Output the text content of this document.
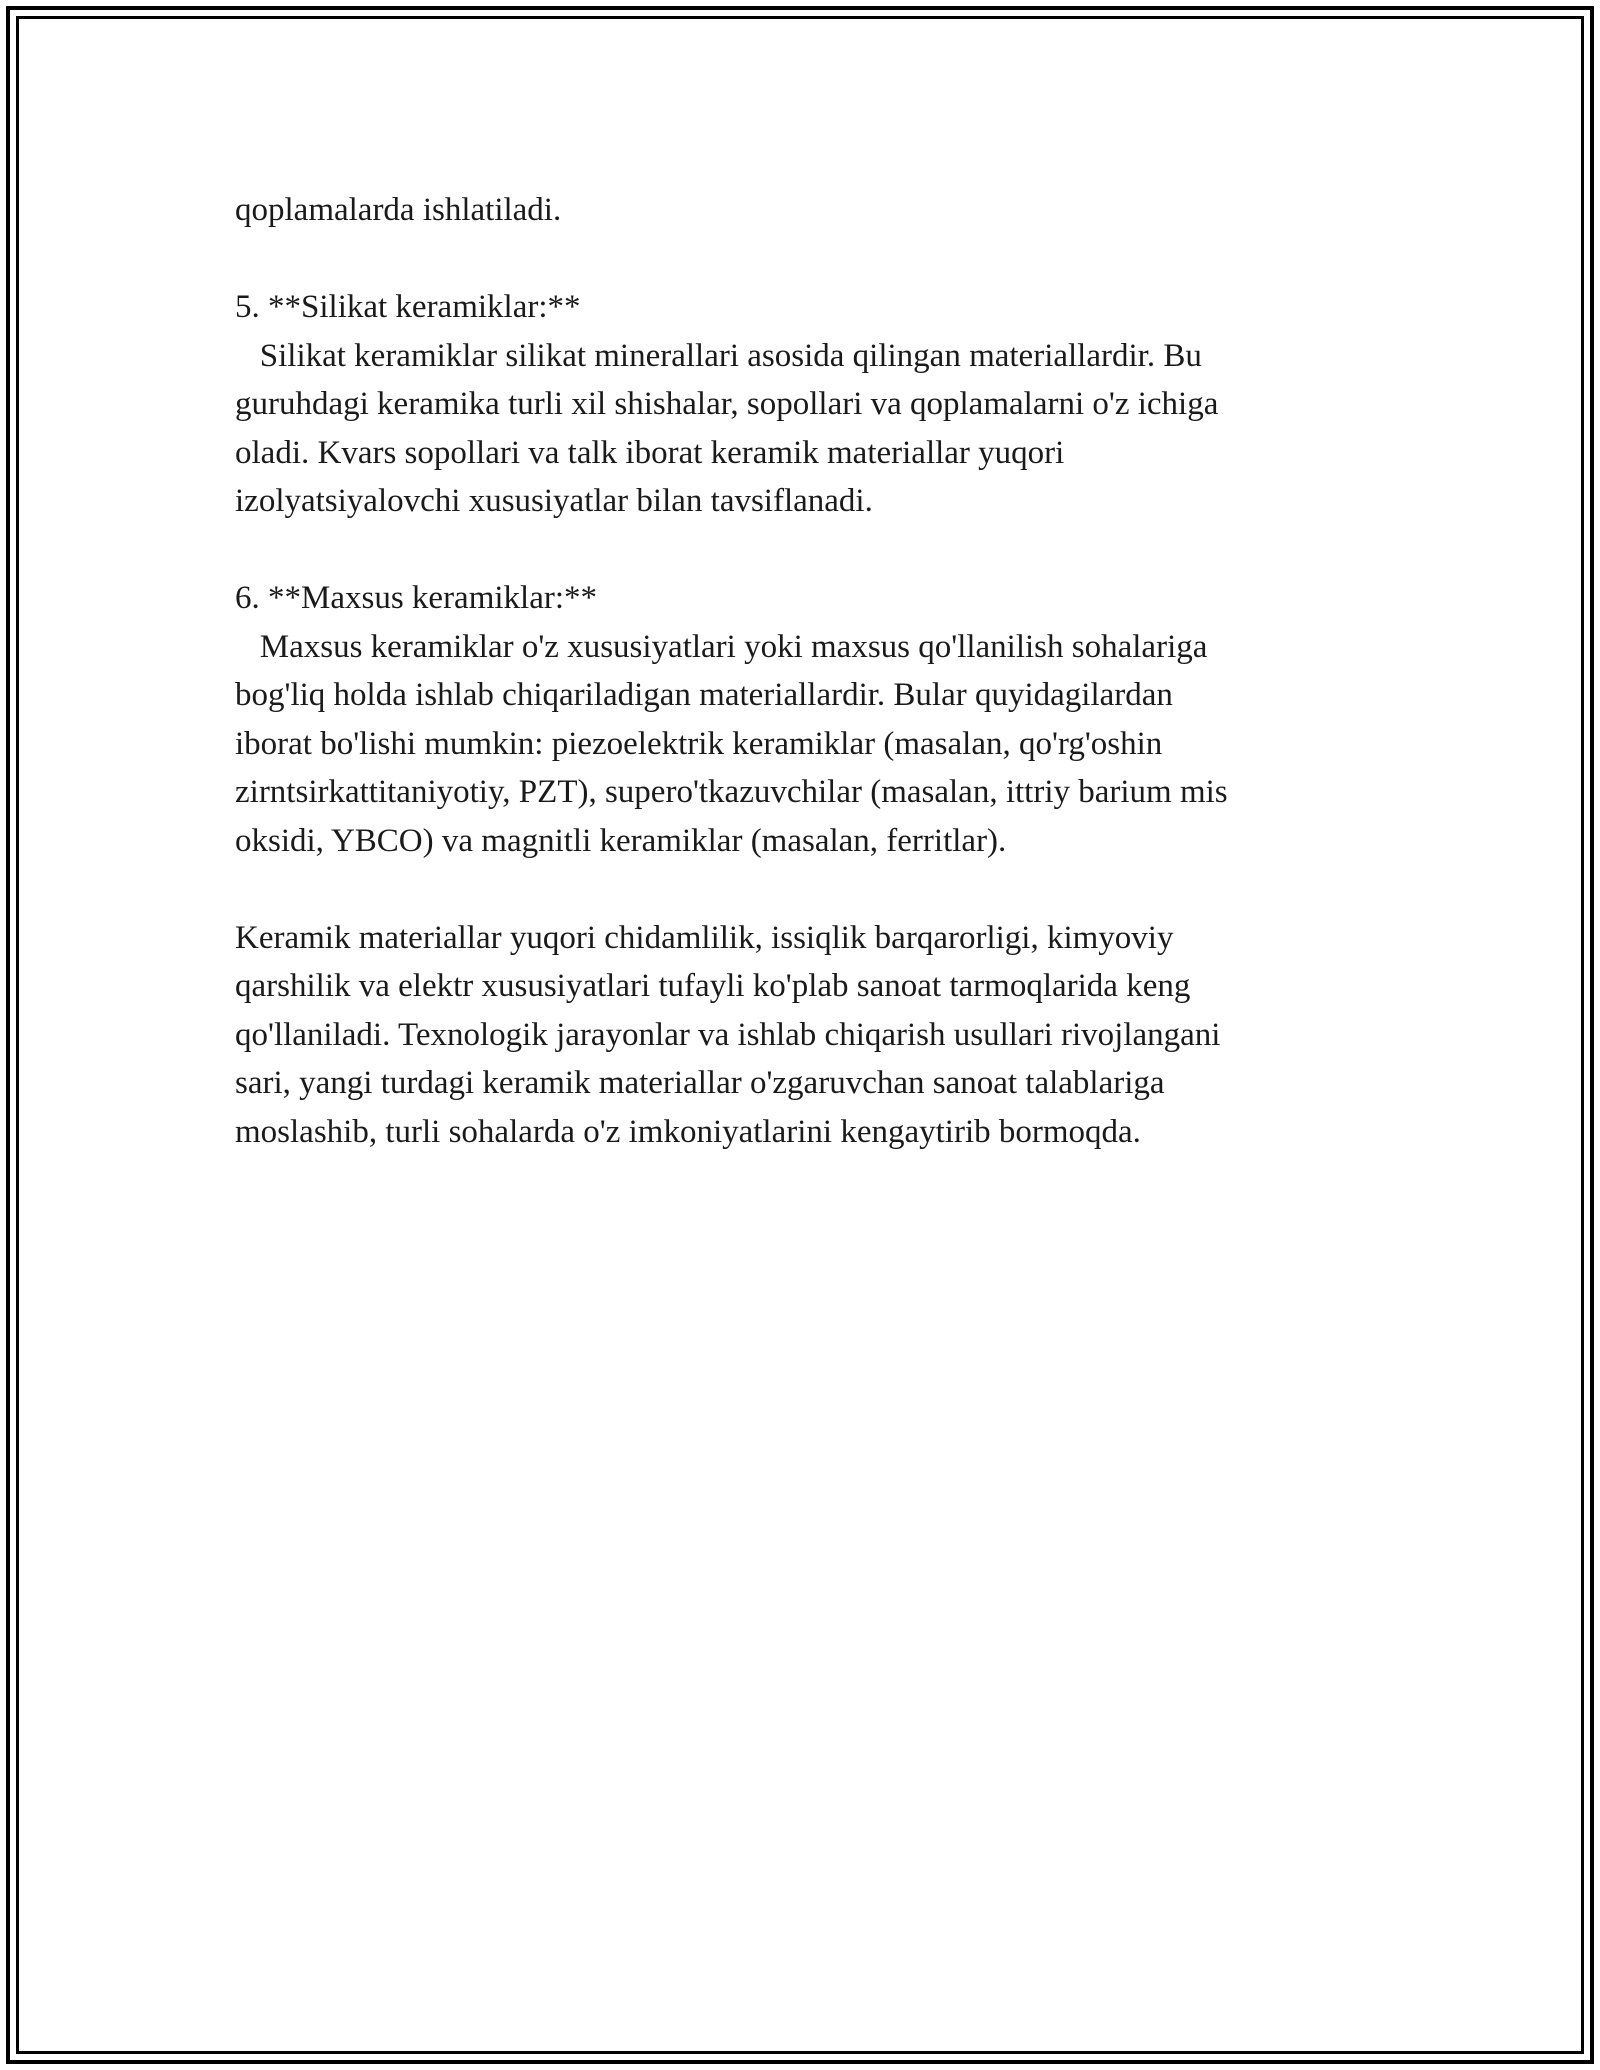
qoplamalarda ishlatiladi.

5. **Silikat keramiklar:**

Silikat keramiklar silikat minerallari asosida qilingan materiallardir. Bu
guruhdagi keramika turli xil shishalar, sopollari va qoplamalarni o'z ichiga
oladi. Kvars sopollari va talk iborat keramik materiallar yuqori
izolyatsiyalovchi xususiyatlar bilan tavsiflanadi.

6. **Maxsus keramiklar:**

Maxsus keramiklar o'z xususiyatlari yoki maxsus qo'llanilish sohalariga
bog'liq holda ishlab chiqariladigan materiallardir. Bular quyidagilardan
iborat bo'lishi mumkin: piezoelektrik keramiklar (masalan, qo'rg'oshin
zirntsirkattitaniyotiy, PZT), supero'tkazuvchilar (masalan, ittriy barium mis
oksidi, YBCO) va magnitli keramiklar (masalan, ferritlar).

Keramik materiallar yuqori chidamlilik, issiqlik barqarorligi, kimyoviy
qarshilik va elektr xususiyatlari tufayli ko'plab sanoat tarmoqlarida keng
qo'llaniladi. Texnologik jarayonlar va ishlab chiqarish usullari rivojlangani
sari, yangi turdagi keramik materiallar o'zgaruvchan sanoat talablariga
moslashib, turli sohalarda o'z imkoniyatlarini kengaytirib bormoqda.
